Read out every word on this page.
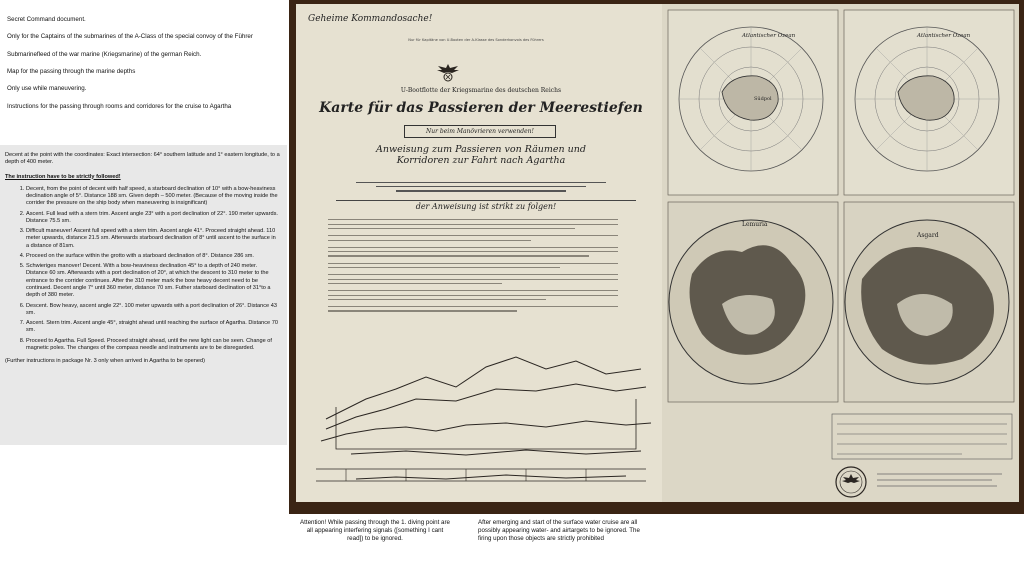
Secret Command document.

Only for the Captains of the submarines of the A-Class of the special convoy of the Führer

Submarinefleed of the war marine (Kriegsmarine) of the german Reich.

Map for the passing through the marine depths

Only use while maneuvering.

Instructions for the passing through rooms and corridores for the cruise to Agartha

Decent at the point with the coordinates: Exact intersection: 64° southern latitude and 1° eastern longitude, to a depth of 400 meter.

The instruction have to be strictly followed!

1. Decent, from the point of decent with half speed, a starboard declination of 10° with a bow-heaviness declination angle of 5°. Distance 188 sm. Given depth – 500 meter. (Because of the moving inside the corrider the pressure on the ship body when maneuvering is insignificant)
2. Ascent. Full lead with a stern trim. Ascent angle 23° with a port declination of 22°. 190 meter upwards. Distance 75.5 sm.
3. Difficult maneuver! Ascent full speed with a stern trim. Ascent angle 41°. Proceed straight ahead. 110 meter upwards, distance 21.5 sm. Afterwards starboard declination of 8° until ascent to the surface in a distance of 81sm.
4. Proceed on the surface within the grotto with a starboard declination of 8°. Distance 286 sm.
5. Schwieriges manover! Decent. With a bow-heaviness declination 45° to a depth of 240 meter. Distance 60 sm. Afterwards with a port declination of 20°, at which the descent to 310 meter to the entrance to the corrider continues. After the 310 meter mark the bow heavy decent need to be continued. Decent angle 7° until 360 meter, distance 70 sm. Futher starboard declination of 31°to a depth of 380 meter.
6. Descent. Bow heavy, ascent angle 22°. 100 meter upwards with a port declination of 26°. Distance 43 sm.
7. Ascent. Stern trim. Ascent angle 45°, straight ahead until reaching the surface of Agartha. Distance 70 sm.
8. Proceed to Agartha. Full Speed. Proceed straight ahead, until the new light can be seen. Change of magnetic poles. The changes of the compass needle and instruments are to be disregarded.

(Further instructions in package Nr. 3 only when arrived in Agartha to be opened)

Geheime Kommandosache!
Nur für Kapitäne von U-Booten der A-Klasse des Sonderkonvois des Führers
U-Bootflotte der Kriegsmarine des deutschen Reichs
Karte für das Passieren der Meerestiefen
Nur beim Manövrieren verwenden!
Anweisung zum Passieren von Räumen und
Korridoren zur Fahrt nach Agartha
der Anweisung ist strikt zu folgen!
Südpol
Atlantischer Ozean	Atlantischer Ozean
Lemuria
Asgard
Attention! While passing through the 1. diving point are all appearing interfering signals ([something I cant read]) to be ignored.
After emerging and start of the surface water cruise are all possibly appearing water- and airtargets to be ignored. The firing upon those objects are strictly prohibited
